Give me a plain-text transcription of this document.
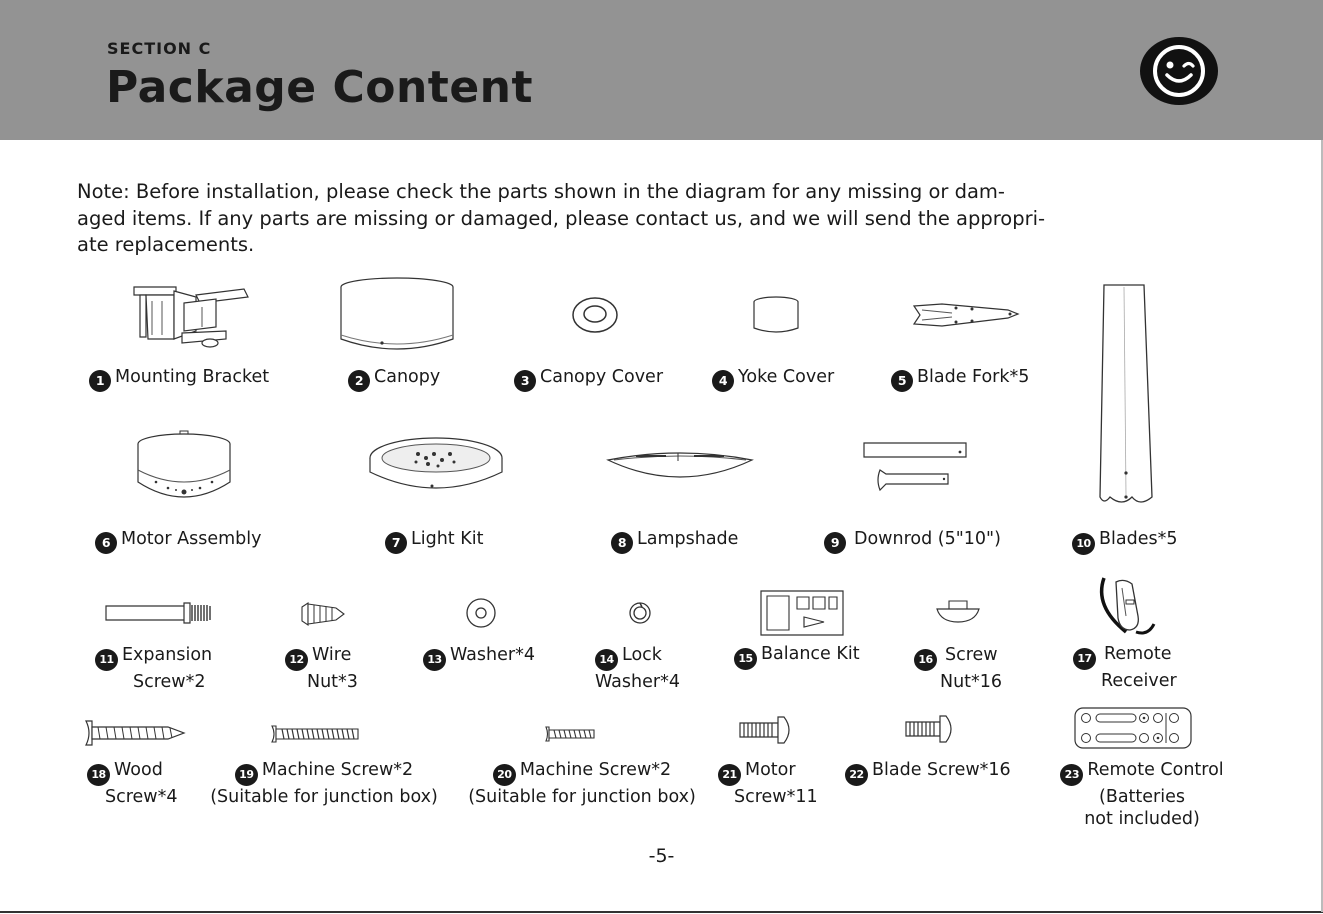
SECTION C
Package Content
Note: Before installation, please check the parts shown in the diagram for any missing or dam-
aged items. If any parts are missing or damaged, please contact us, and we will send the appropri-
ate replacements.
1 Mounting Bracket	2 Canopy	3 Canopy Cover	4 Yoke Cover	5 Blade Fork*5
6 Motor Assembly	7 Light Kit	8 Lampshade	9 Downrod (5"10")	10 Blades*5
11 Expansion
Screw*2
12 Wire
Nut*3
13 Washer*4	14 Lock
Washer*4
15 Balance Kit	16 Screw
Nut*16
17 Remote
Receiver
18 Wood
Screw*4
19 Machine Screw*2
(Suitable for junction box)
20 Machine Screw*2
(Suitable for junction box)
21 Motor
Screw*11
22 Blade Screw*16	23 Remote Control
(Batteries
not included)
-5-
